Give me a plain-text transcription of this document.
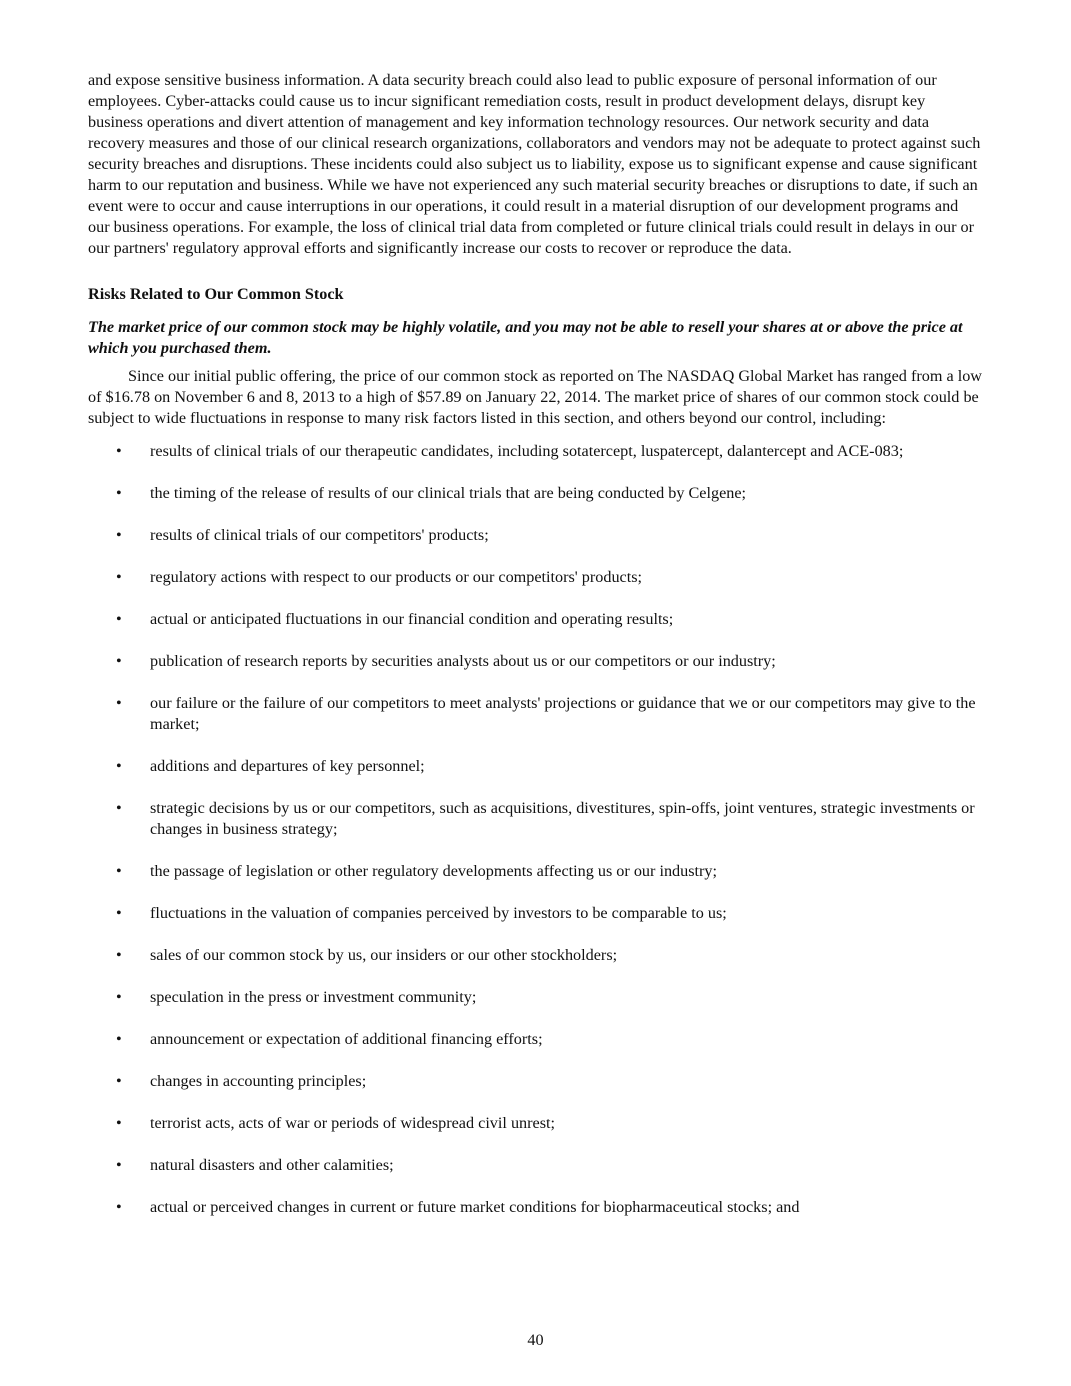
and expose sensitive business information. A data security breach could also lead to public exposure of personal information of our employees. Cyber-attacks could cause us to incur significant remediation costs, result in product development delays, disrupt key business operations and divert attention of management and key information technology resources. Our network security and data recovery measures and those of our clinical research organizations, collaborators and vendors may not be adequate to protect against such security breaches and disruptions. These incidents could also subject us to liability, expose us to significant expense and cause significant harm to our reputation and business. While we have not experienced any such material security breaches or disruptions to date, if such an event were to occur and cause interruptions in our operations, it could result in a material disruption of our development programs and our business operations. For example, the loss of clinical trial data from completed or future clinical trials could result in delays in our or our partners' regulatory approval efforts and significantly increase our costs to recover or reproduce the data.

Risks Related to Our Common Stock

The market price of our common stock may be highly volatile, and you may not be able to resell your shares at or above the price at which you purchased them.

Since our initial public offering, the price of our common stock as reported on The NASDAQ Global Market has ranged from a low of $16.78 on November 6 and 8, 2013 to a high of $57.89 on January 22, 2014. The market price of shares of our common stock could be subject to wide fluctuations in response to many risk factors listed in this section, and others beyond our control, including:

• results of clinical trials of our therapeutic candidates, including sotatercept, luspatercept, dalantercept and ACE-083;
• the timing of the release of results of our clinical trials that are being conducted by Celgene;
• results of clinical trials of our competitors' products;
• regulatory actions with respect to our products or our competitors' products;
• actual or anticipated fluctuations in our financial condition and operating results;
• publication of research reports by securities analysts about us or our competitors or our industry;
• our failure or the failure of our competitors to meet analysts' projections or guidance that we or our competitors may give to the market;
• additions and departures of key personnel;
• strategic decisions by us or our competitors, such as acquisitions, divestitures, spin-offs, joint ventures, strategic investments or changes in business strategy;
• the passage of legislation or other regulatory developments affecting us or our industry;
• fluctuations in the valuation of companies perceived by investors to be comparable to us;
• sales of our common stock by us, our insiders or our other stockholders;
• speculation in the press or investment community;
• announcement or expectation of additional financing efforts;
• changes in accounting principles;
• terrorist acts, acts of war or periods of widespread civil unrest;
• natural disasters and other calamities;
• actual or perceived changes in current or future market conditions for biopharmaceutical stocks; and
40
